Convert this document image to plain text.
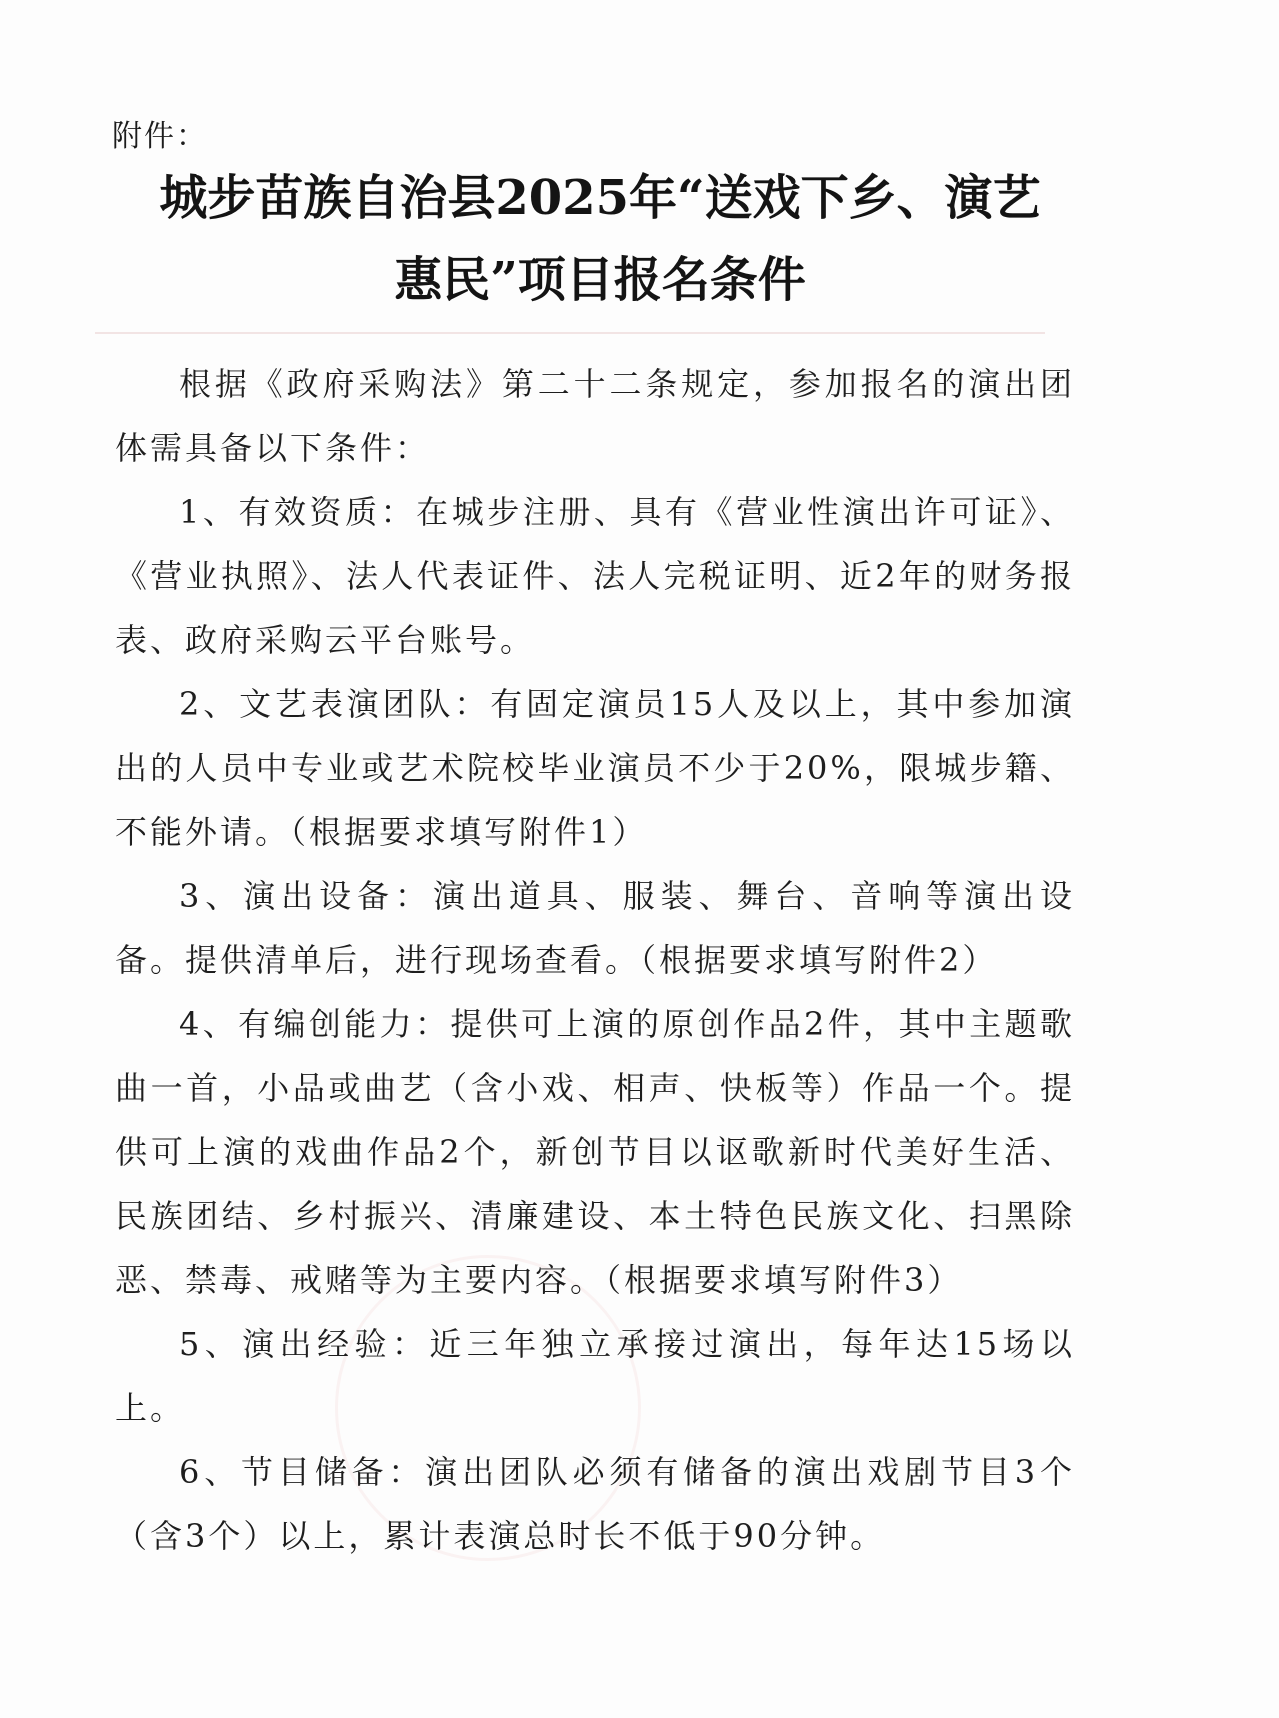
附件：
城步苗族自治县2025年“送戏下乡、演艺
惠民”项目报名条件

根据《政府采购法》第二十二条规定，参加报名的演出团体需具备以下条件：

1、有效资质：在城步注册、具有《营业性演出许可证》、《营业执照》、法人代表证件、法人完税证明、近2年的财务报表、政府采购云平台账号。

2、文艺表演团队：有固定演员15人及以上，其中参加演出的人员中专业或艺术院校毕业演员不少于20%，限城步籍、不能外请。（根据要求填写附件1）

3、演出设备：演出道具、服装、舞台、音响等演出设备。提供清单后，进行现场查看。（根据要求填写附件2）

4、有编创能力：提供可上演的原创作品2件，其中主题歌曲一首，小品或曲艺（含小戏、相声、快板等）作品一个。提供可上演的戏曲作品2个，新创节目以讴歌新时代美好生活、民族团结、乡村振兴、清廉建设、本土特色民族文化、扫黑除恶、禁毒、戒赌等为主要内容。（根据要求填写附件3）

5、演出经验：近三年独立承接过演出，每年达15场以上。

6、节目储备：演出团队必须有储备的演出戏剧节目3个（含3个）以上，累计表演总时长不低于90分钟。
